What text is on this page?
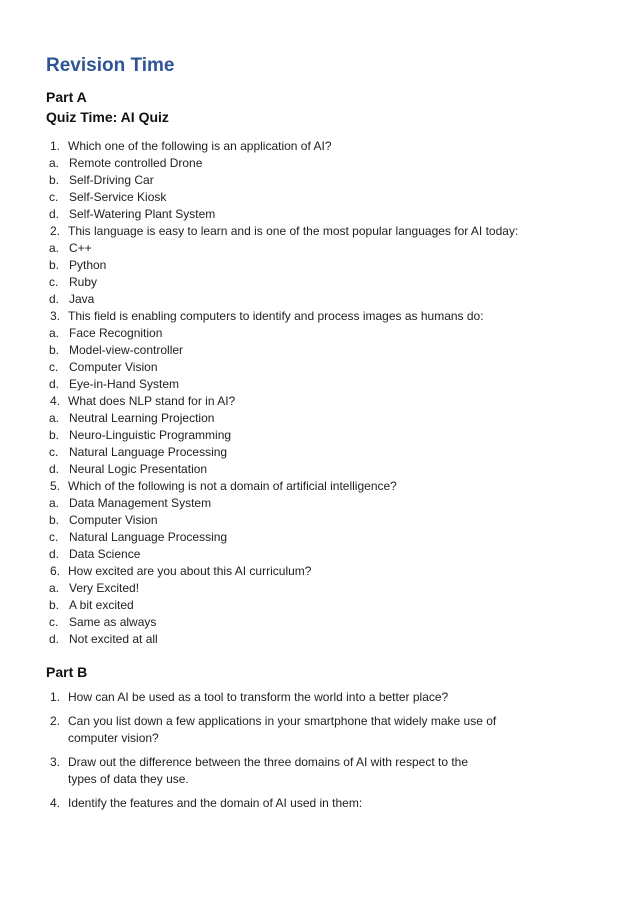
Revision Time
Part A
Quiz Time: AI Quiz
1. Which one of the following is an application of AI?
a. Remote controlled Drone
b. Self-Driving Car
c. Self-Service Kiosk
d. Self-Watering Plant System
2. This language is easy to learn and is one of the most popular languages for AI today:
a. C++
b. Python
c. Ruby
d. Java
3. This field is enabling computers to identify and process images as humans do:
a. Face Recognition
b. Model-view-controller
c. Computer Vision
d. Eye-in-Hand System
4. What does NLP stand for in AI?
a. Neutral Learning Projection
b. Neuro-Linguistic Programming
c. Natural Language Processing
d. Neural Logic Presentation
5. Which of the following is not a domain of artificial intelligence?
a. Data Management System
b. Computer Vision
c. Natural Language Processing
d. Data Science
6. How excited are you about this AI curriculum?
a. Very Excited!
b. A bit excited
c. Same as always
d. Not excited at all
Part B
1. How can AI be used as a tool to transform the world into a better place?
2. Can you list down a few applications in your smartphone that widely make use of computer vision?
3. Draw out the difference between the three domains of AI with respect to the types of data they use.
4. Identify the features and the domain of AI used in them:
